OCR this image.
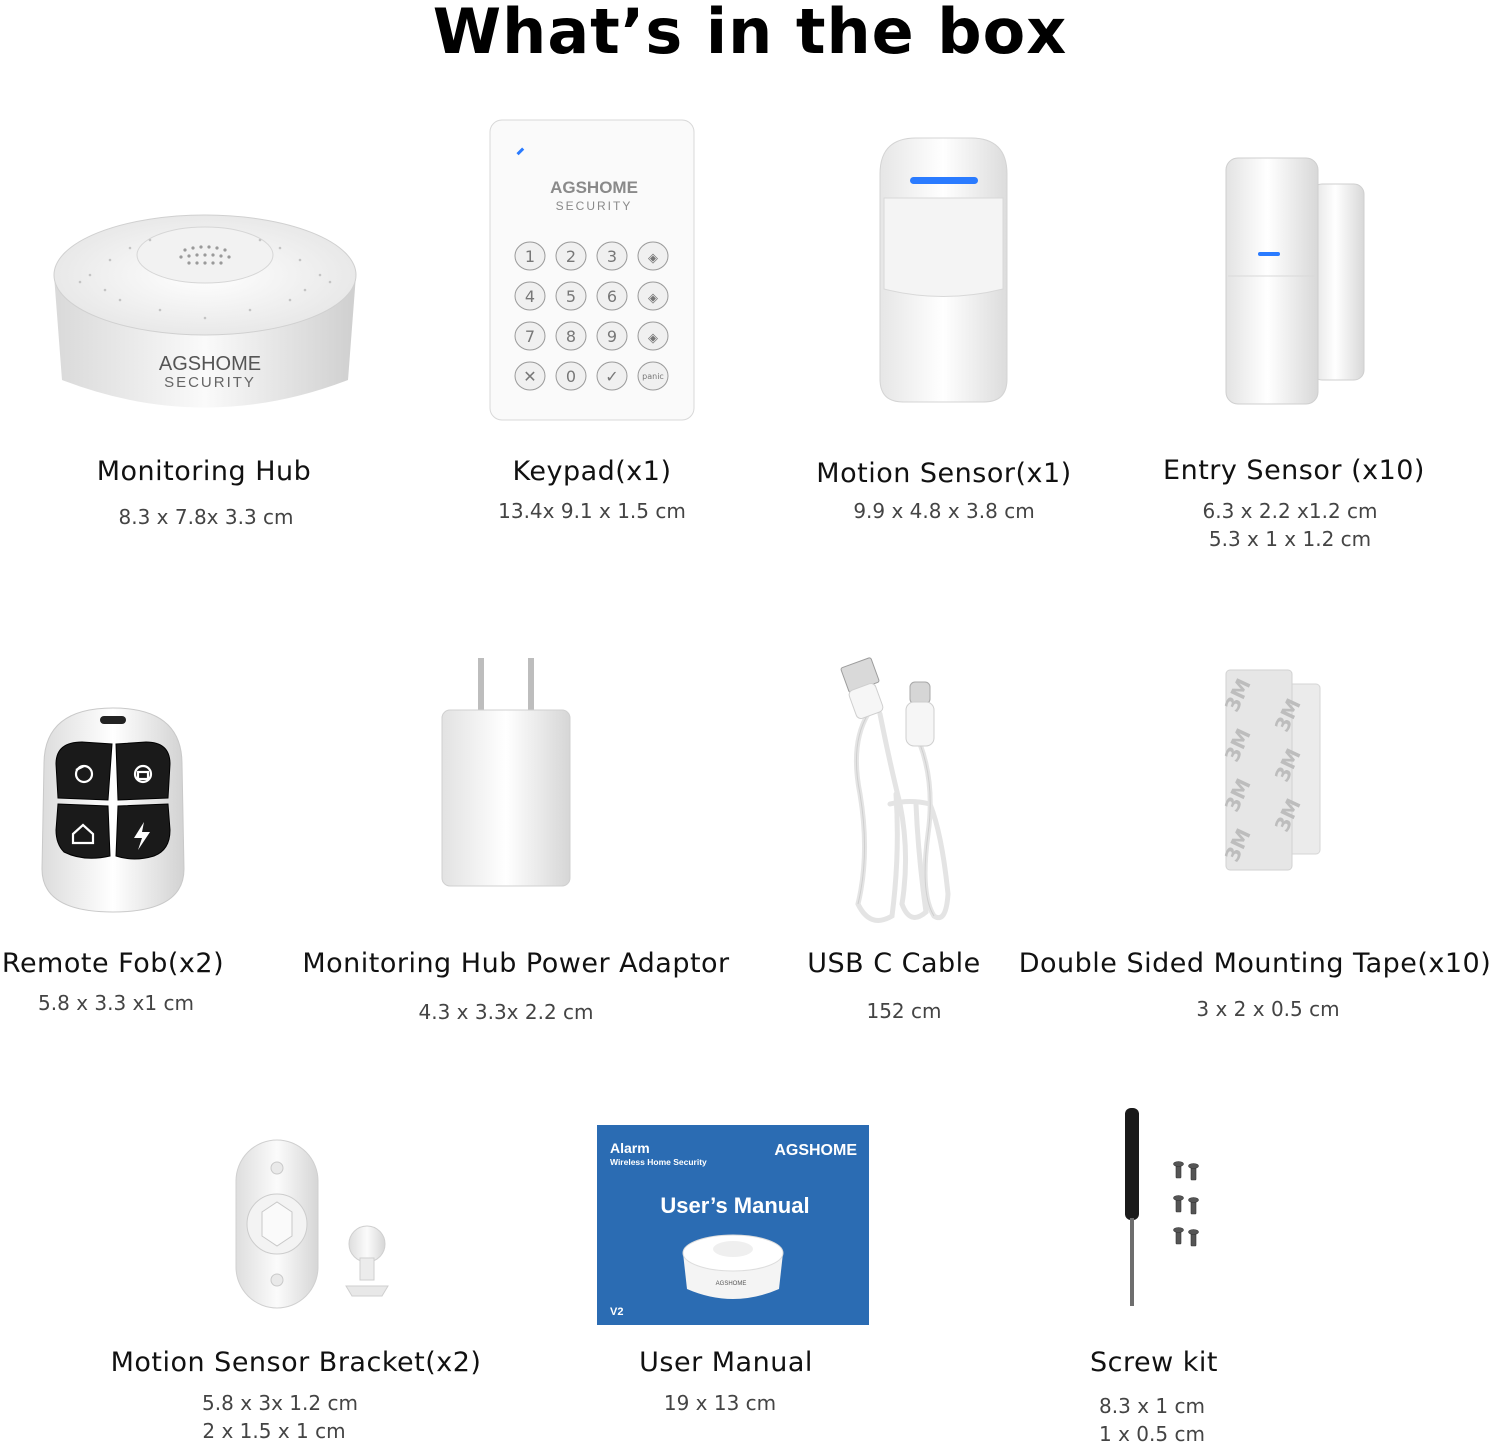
What’s in the box
AGSHOME
SECURITY
Monitoring Hub
8.3 x 7.8x 3.3 cm
AGSHOME
SECURITY
1 2 3 ◈
4 5 6 ◈
7 8 9 ◈
✕ 0 ✓	panic
Keypad(x1)
13.4x 9.1 x 1.5 cm
Motion Sensor(x1)
9.9 x 4.8 x 3.8 cm
Entry Sensor (x10)
6.3 x 2.2 x1.2 cm
5.3 x 1 x 1.2 cm
Remote Fob(x2)
5.8 x 3.3 x1 cm
Monitoring Hub Power Adaptor
4.3 x 3.3x 2.2 cm
USB C Cable
152 cm
3M
3M
3M
3M
3M
3M
3M
Double Sided Mounting Tape(x10)
3 x 2 x 0.5 cm
Motion Sensor Bracket(x2)
5.8 x 3x 1.2 cm
2 x 1.5 x 1 cm
Alarm
Wireless Home Security
AGSHOME
User’s Manual
AGSHOME
V2
User Manual
19 x 13 cm
Screw kit
8.3 x 1 cm
1 x 0.5 cm
